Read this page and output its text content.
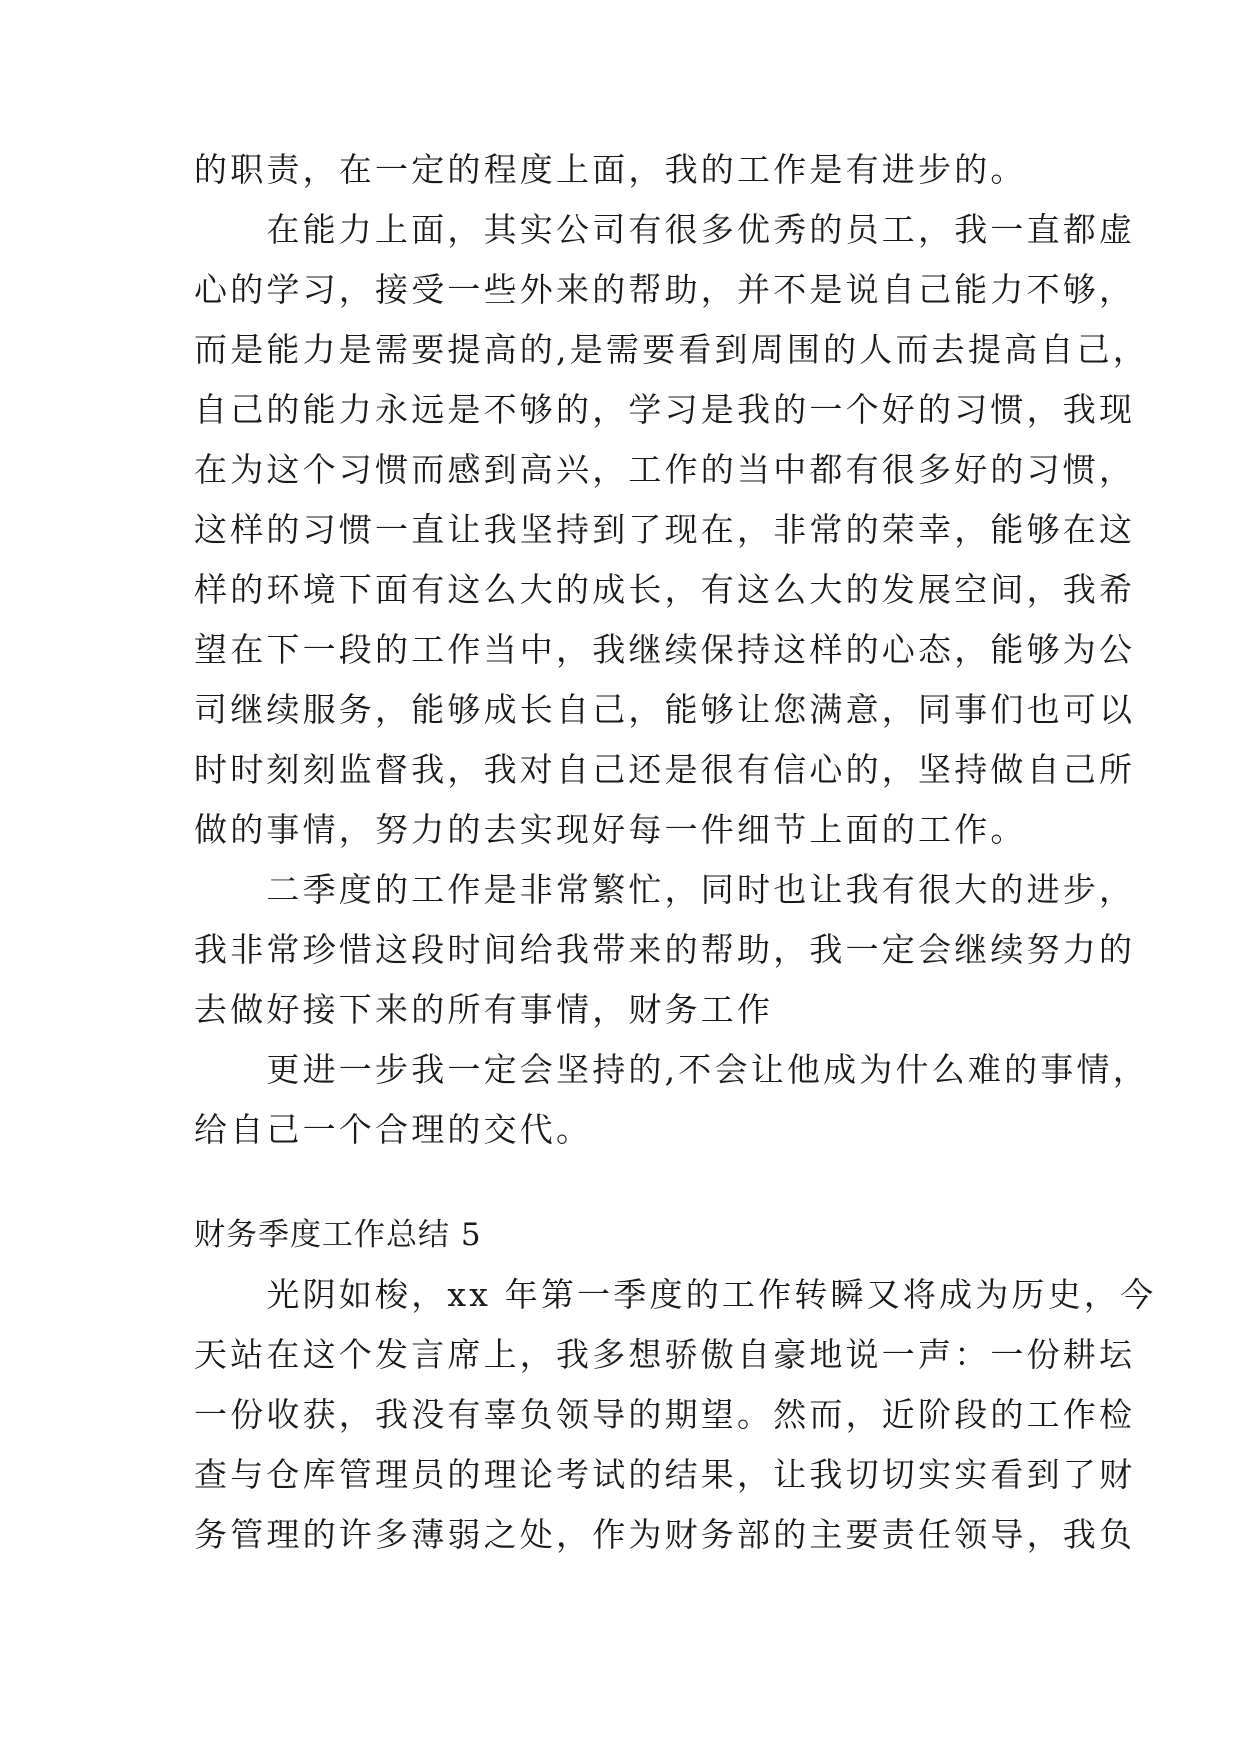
的职责，在一定的程度上面，我的工作是有进步的。
　　在能力上面，其实公司有很多优秀的员工，我一直都虚
心的学习，接受一些外来的帮助，并不是说自己能力不够，
而是能力是需要提高的,是需要看到周围的人而去提高自己，
自己的能力永远是不够的，学习是我的一个好的习惯，我现
在为这个习惯而感到高兴，工作的当中都有很多好的习惯，
这样的习惯一直让我坚持到了现在，非常的荣幸，能够在这
样的环境下面有这么大的成长，有这么大的发展空间，我希
望在下一段的工作当中，我继续保持这样的心态，能够为公
司继续服务，能够成长自己，能够让您满意，同事们也可以
时时刻刻监督我，我对自己还是很有信心的，坚持做自己所
做的事情，努力的去实现好每一件细节上面的工作。
　　二季度的工作是非常繁忙，同时也让我有很大的进步，
我非常珍惜这段时间给我带来的帮助，我一定会继续努力的
去做好接下来的所有事情，财务工作
　　更进一步我一定会坚持的,不会让他成为什么难的事情，
给自己一个合理的交代。
财务季度工作总结 5
　　光阴如梭，xx 年第一季度的工作转瞬又将成为历史，今
天站在这个发言席上，我多想骄傲自豪地说一声：一份耕坛
一份收获，我没有辜负领导的期望。然而，近阶段的工作检
查与仓库管理员的理论考试的结果，让我切切实实看到了财
务管理的许多薄弱之处，作为财务部的主要责任领导，我负
